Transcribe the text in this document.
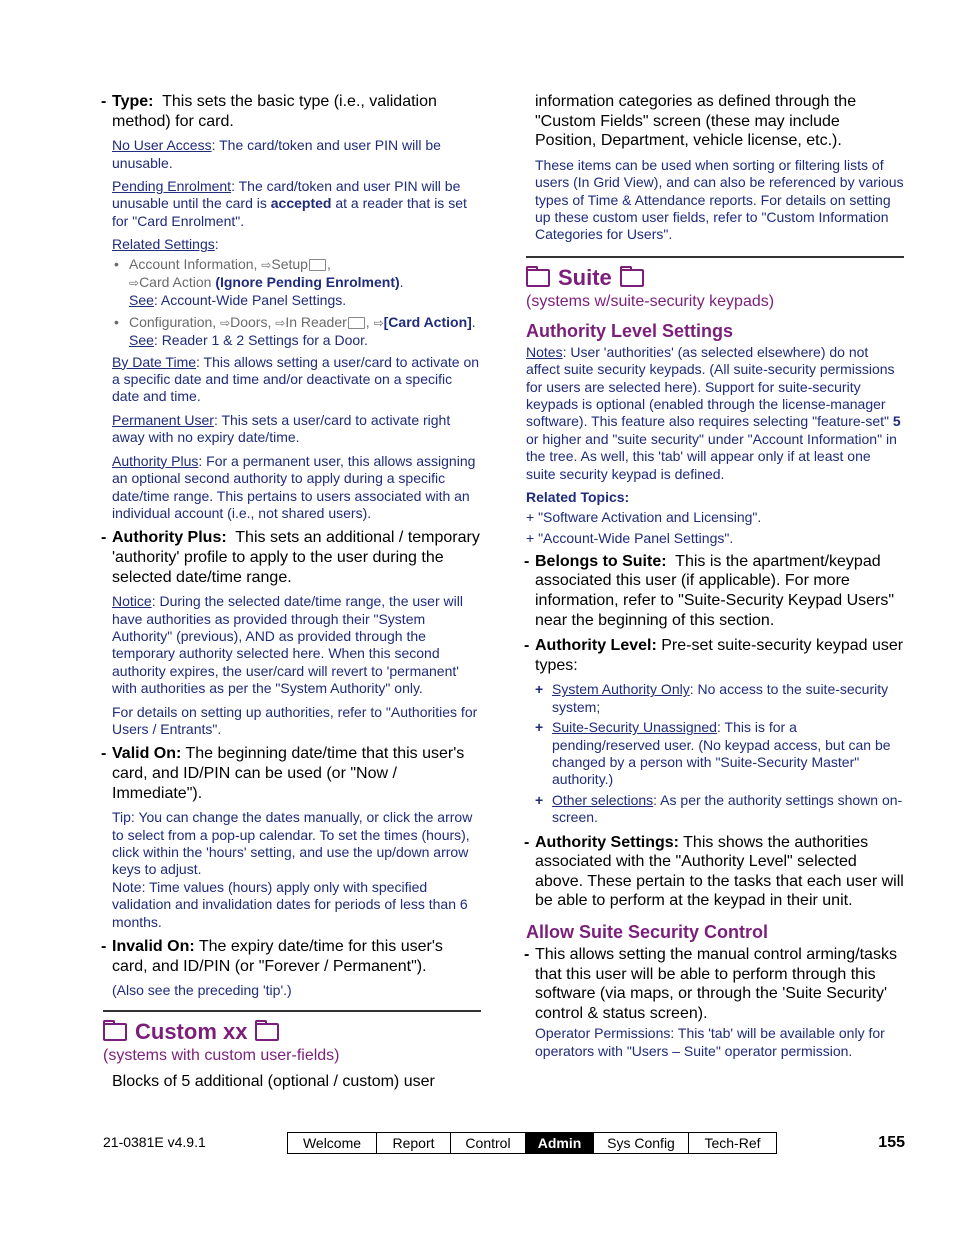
- Type: This sets the basic type (i.e., validation method) for card.
No User Access: The card/token and user PIN will be unusable.
Pending Enrolment: The card/token and user PIN will be unusable until the card is accepted at a reader that is set for "Card Enrolment".
Related Settings:
• Account Information, ⇨Setup ,
⇨Card Action (Ignore Pending Enrolment).
See: Account-Wide Panel Settings.
• Configuration, ⇨Doors, ⇨In Reader , ⇨[Card Action].  See: Reader 1 & 2 Settings for a Door.
By Date Time: This allows setting a user/card to activate on a specific date and time and/or deactivate on a specific date and time.
Permanent User: This sets a user/card to activate right away with no expiry date/time.
Authority Plus: For a permanent user, this allows assigning an optional second authority to apply during a specific date/time range. This pertains to users associated with an individual account (i.e., not shared users).
- Authority Plus: This sets an additional / temporary 'authority' profile to apply to the user during the selected date/time range.
Notice: During the selected date/time range, the user will have authorities as provided through their "System Authority" (previous), AND as provided through the temporary authority selected here. When this second authority expires, the user/card will revert to 'permanent' with authorities as per the "System Authority" only.
For details on setting up authorities, refer to "Authorities for Users / Entrants".
- Valid On: The beginning date/time that this user's card, and ID/PIN can be used (or "Now / Immediate").
Tip: You can change the dates manually, or click the arrow to select from a pop-up calendar. To set the times (hours), click within the 'hours' setting, and use the up/down arrow keys to adjust.
Note: Time values (hours) apply only with specified validation and invalidation dates for periods of less than 6 months.
- Invalid On: The expiry date/time for this user's card, and ID/PIN (or "Forever / Permanent").
(Also see the preceding 'tip'.)
Custom xx
(systems with custom user-fields)
Blocks of 5 additional (optional / custom) user
information categories as defined through the "Custom Fields" screen (these may include Position, Department, vehicle license, etc.).
These items can be used when sorting or filtering lists of users (In Grid View), and can also be referenced by various types of Time & Attendance reports. For details on setting up these custom user fields, refer to "Custom Information Categories for Users".
Suite
(systems w/suite-security keypads)
Authority Level Settings
Notes: User 'authorities' (as selected elsewhere) do not affect suite security keypads. (All suite-security permissions for users are selected here). Support for suite-security keypads is optional (enabled through the license-manager software). This feature also requires selecting "feature-set" 5 or higher and "suite security" under "Account Information" in the tree. As well, this 'tab' will appear only if at least one suite security keypad is defined.
Related Topics:
+ "Software Activation and Licensing".
+ "Account-Wide Panel Settings".
- Belongs to Suite: This is the apartment/keypad associated this user (if applicable). For more information, refer to "Suite-Security Keypad Users" near the beginning of this section.
- Authority Level: Pre-set suite-security keypad user types:
+ System Authority Only: No access to the suite-security system;
+ Suite-Security Unassigned: This is for a pending/reserved user. (No keypad access, but can be changed by a person with "Suite-Security Master" authority.)
+ Other selections: As per the authority settings shown on-screen.
- Authority Settings: This shows the authorities associated with the "Authority Level" selected above. These pertain to the tasks that each user will be able to perform at the keypad in their unit.
Allow Suite Security Control
- This allows setting the manual control arming/tasks that this user will be able to perform through this software (via maps, or through the 'Suite Security' control & status screen).
Operator Permissions: This 'tab' will be available only for operators with "Users – Suite" operator permission.
21-0381E v4.9.1	Welcome	Report	Control	Admin	Sys Config	Tech-Ref	155
